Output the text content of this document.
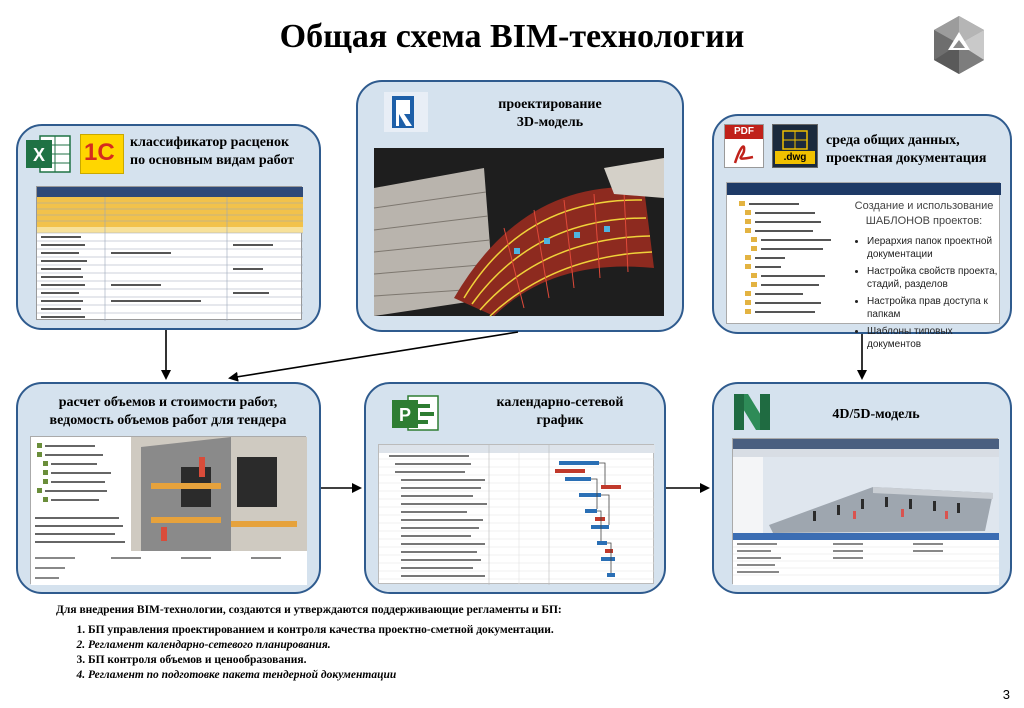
Общая схема BIM-технологии
X 1С классификатор расценок
по основным видам работ
проектирование
3D-модель
PDF
.dwg
среда общих данных,
проектная документация
Создание и использование
ШАБЛОНОВ проектов:
• Иерархия папок проектной документации
• Настройка свойств проекта, стадий, разделов
• Настройка прав доступа к папкам
• Шаблоны типовых документов
расчет объемов и стоимости работ,
ведомость объемов работ для тендера	P
календарно-сетевой
график	4D/5D-модель
Для внедрения BIM-технологии, создаются и утверждаются поддерживающие регламенты и БП:
1. БП управления проектированием и контроля качества проектно-сметной документации.
2. Регламент календарно-сетевого планирования.
3. БП контроля объемов и ценообразования.
4. Регламент по подготовке пакета тендерной документации
3
